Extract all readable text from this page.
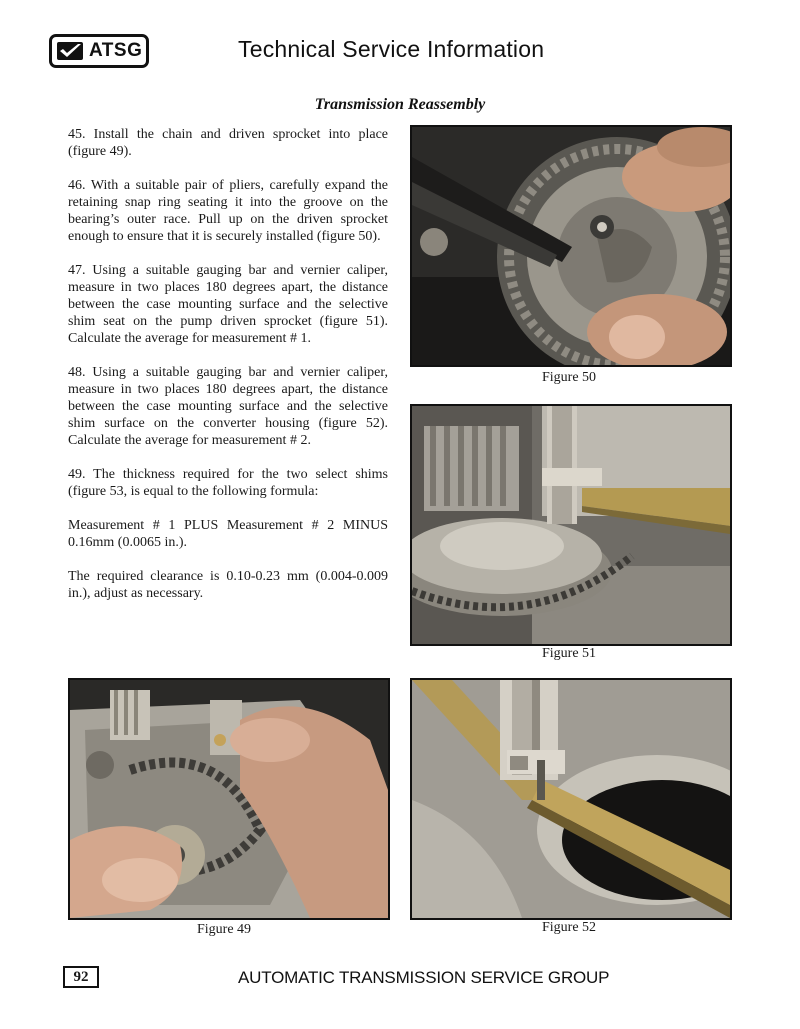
ATSG	Technical Service Information
Transmission Reassembly

45. Install the chain and driven sprocket into place (figure 49).

46. With a suitable pair of pliers, carefully expand the retaining snap ring seating it into the groove on the bearing’s outer race. Pull up on the driven sprocket enough to ensure that it is securely installed (figure 50).

47. Using a suitable gauging bar and vernier caliper, measure in two places 180 degrees apart, the distance between the case mounting surface and the selective shim seat on the pump driven sprocket (figure 51). Calculate the average for measurement # 1.

48. Using a suitable gauging bar and vernier caliper, measure in two places 180 degrees apart, the distance between the case mounting surface and the selective shim surface on the converter housing (figure 52). Calculate the average for measurement # 2.

49. The thickness required for the two select shims (figure 53, is equal to the following formula:

Measurement # 1 PLUS Measurement # 2 MINUS 0.16mm (0.0065 in.).

The required clearance is 0.10-0.23 mm (0.004-0.009 in.), adjust as necessary.

Figure 50
Figure 51
Figure 49	Figure 52
92	AUTOMATIC TRANSMISSION SERVICE GROUP
